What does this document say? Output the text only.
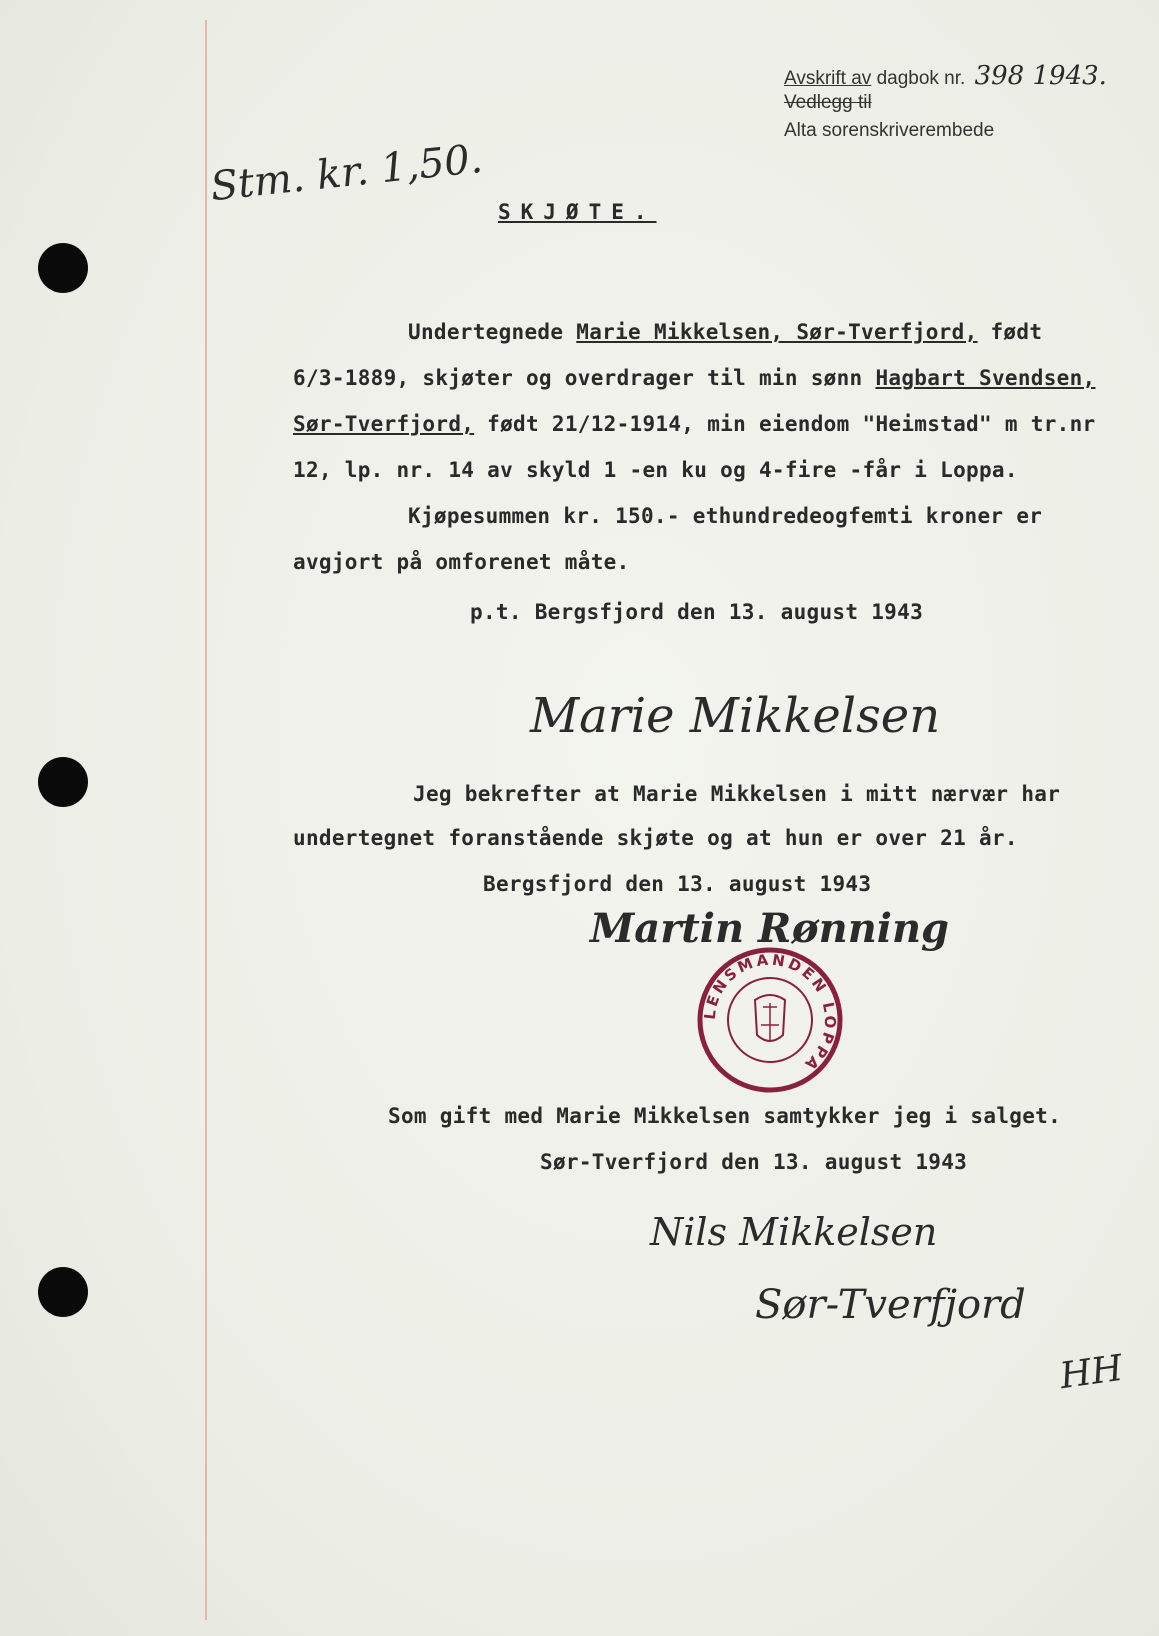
Avskrift av dagbok nr. 398 1943.
Vedlegg til
Alta sorenskriverembede
Stm. kr. 1,50.
SKJØTE.
Undertegnede Marie Mikkelsen, Sør-Tverfjord, født
6/3-1889, skjøter og overdrager til min sønn Hagbart Svendsen,
Sør-Tverfjord, født 21/12-1914, min eiendom "Heimstad" m tr.nr
12, lp. nr. 14 av skyld 1 -en ku og 4-fire -får i Loppa.
Kjøpesummen kr. 150.- ethundredeogfemti kroner er
avgjort på omforenet måte.
p.t. Bergsfjord den 13. august 1943
Marie Mikkelsen
Jeg bekrefter at Marie Mikkelsen i mitt nærvær har
undertegnet foranstående skjøte og at hun er over 21 år.
Bergsfjord den 13. august 1943
Martin Rønning
LENSMANDEN LOPPA
Som gift med Marie Mikkelsen samtykker jeg i salget.
Sør-Tverfjord den 13. august 1943
Nils Mikkelsen
Sør-Tverfjord
HH
